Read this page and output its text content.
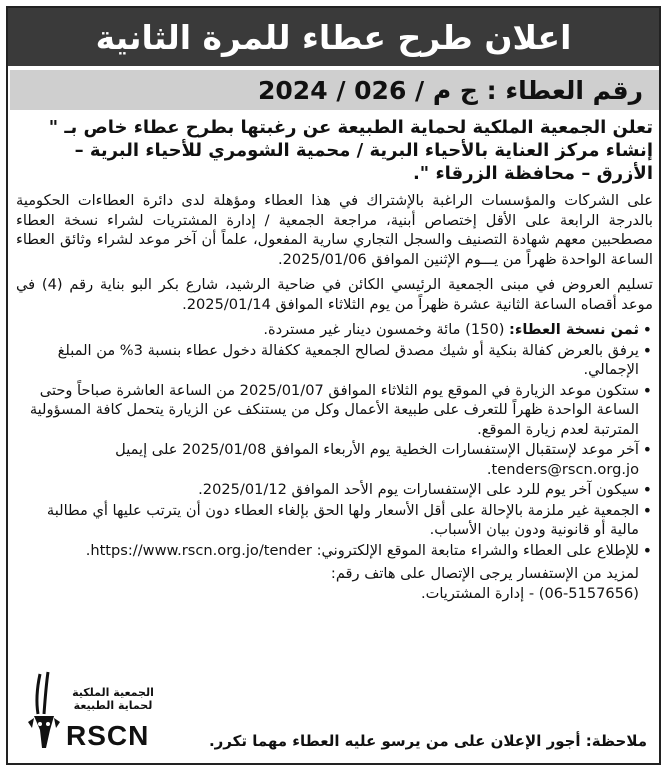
اعلان طرح عطاء للمرة الثانية
رقم العطاء : ج م / 026 / 2024

تعلن الجمعية الملكية لحماية الطبيعة عن رغبتها بطرح عطاء خاص بـ " إنشاء مركز العناية بالأحياء البرية / محمية الشومري للأحياء البرية – الأزرق – محافظة الزرقاء ".

على الشركات والمؤسسات الراغبة بالإشتراك في هذا العطاء ومؤهلة لدى دائرة العطاءات الحكومية بالدرجة الرابعة على الأقل إختصاص أبنية، مراجعة الجمعية / إدارة المشتريات لشراء نسخة العطاء مصطحبين معهم شهادة التصنيف والسجل التجاري سارية المفعول، علماً أن آخر موعد لشراء وثائق العطاء الساعة الواحدة ظهراً من يـــوم الإثنين الموافق 2025/01/06.

تسليم العروض في مبنى الجمعية الرئيسي الكائن في ضاحية الرشيد، شارع بكر البو بناية رقم (4) في موعد أقصاه الساعة الثانية عشرة ظهراً من يوم الثلاثاء الموافق 2025/01/14.

• ثمن نسخة العطاء: (150) مائة وخمسون دينار غير مستردة.
• يرفق بالعرض كفالة بنكية أو شيك مصدق لصالح الجمعية ككفالة دخول عطاء بنسبة 3% من المبلغ الإجمالي.
• ستكون موعد الزيارة في الموقع يوم الثلاثاء الموافق 2025/01/07 من الساعة العاشرة صباحاً وحتى الساعة الواحدة ظهراً للتعرف على طبيعة الأعمال وكل من يستنكف عن الزيارة يتحمل كافة المسؤولية المترتبة لعدم زيارة الموقع.
• آخر موعد لإستقبال الإستفسارات الخطية يوم الأربعاء الموافق 2025/01/08 على إيميل tenders@rscn.org.jo.
• سيكون آخر يوم للرد على الإستفسارات يوم الأحد الموافق 2025/01/12.
• الجمعية غير ملزمة بالإحالة على أقل الأسعار ولها الحق بإلغاء العطاء دون أن يترتب عليها أي مطالبة مالية أو قانونية ودون بيان الأسباب.
• للإطلاع على العطاء والشراء متابعة الموقع الإلكتروني: https://www.rscn.org.jo/tender.
لمزيد من الإستفسار يرجى الإتصال على هاتف رقم:
(06-5157656) - إدارة المشتريات.
ملاحظة: أجور الإعلان على من يرسو عليه العطاء مهما تكرر.
الجمعية الملكية
لحماية الطبيعة
RSCN
